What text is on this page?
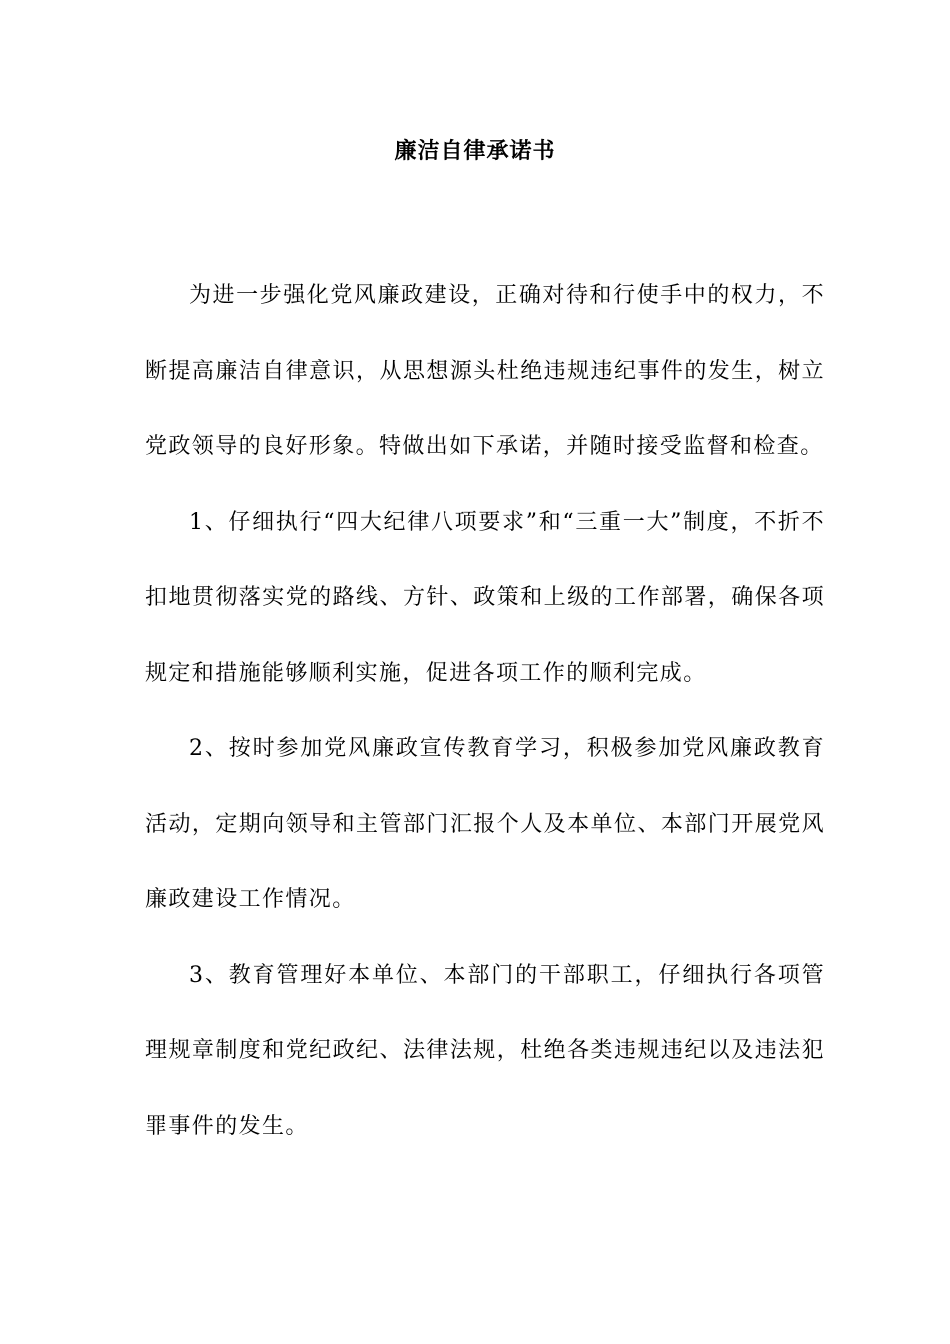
廉洁自律承诺书

为进一步强化党风廉政建设，正确对待和行使手中的权力，不断提高廉洁自律意识，从思想源头杜绝违规违纪事件的发生，树立党政领导的良好形象。特做出如下承诺，并随时接受监督和检查。

1、仔细执行“四大纪律八项要求”和“三重一大”制度，不折不扣地贯彻落实党的路线、方针、政策和上级的工作部署，确保各项规定和措施能够顺利实施，促进各项工作的顺利完成。

2、按时参加党风廉政宣传教育学习，积极参加党风廉政教育活动，定期向领导和主管部门汇报个人及本单位、本部门开展党风廉政建设工作情况。

3、教育管理好本单位、本部门的干部职工，仔细执行各项管理规章制度和党纪政纪、法律法规，杜绝各类违规违纪以及违法犯罪事件的发生。
